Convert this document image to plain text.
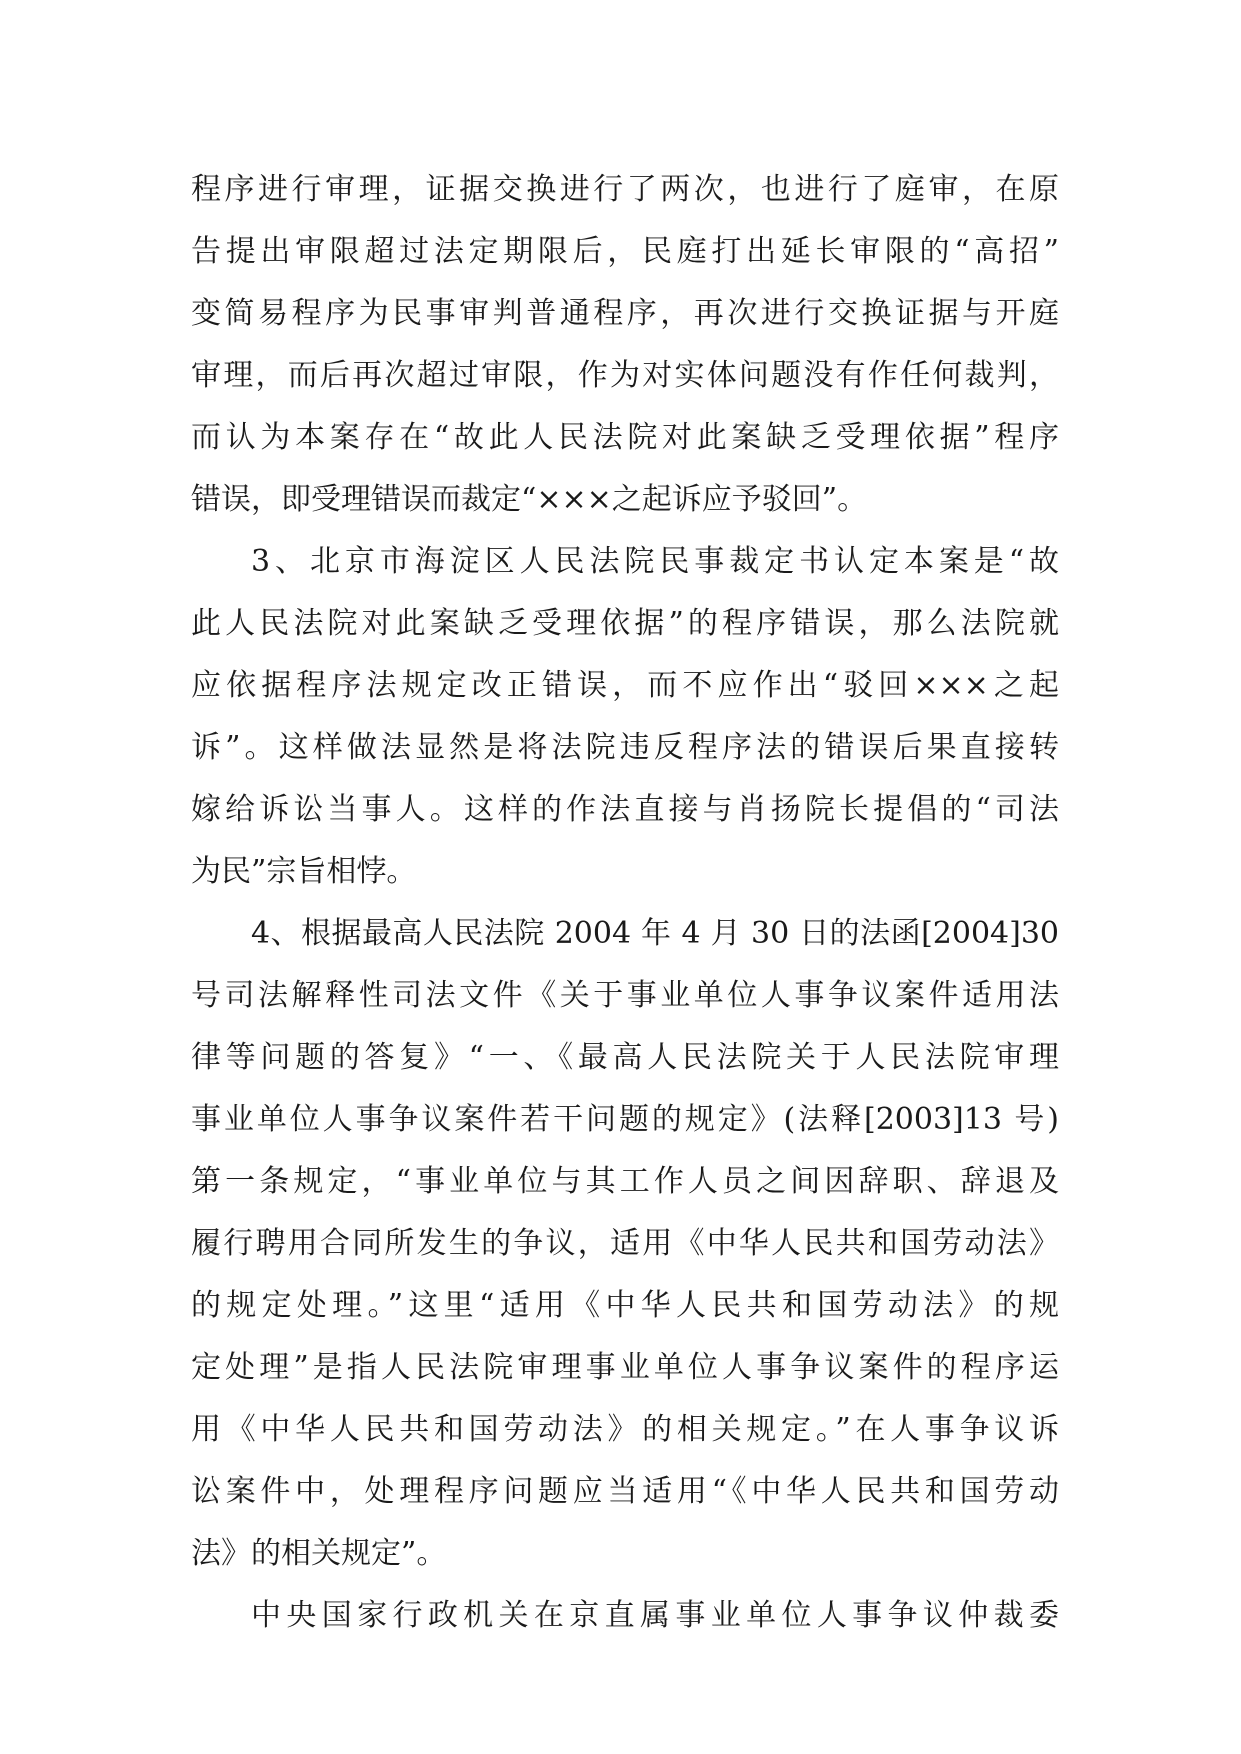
程序进行审理，证据交换进行了两次，也进行了庭审，在原
告提出审限超过法定期限后，民庭打出延长审限的“高招”
变简易程序为民事审判普通程序，再次进行交换证据与开庭
审理，而后再次超过审限，作为对实体问题没有作任何裁判，
而认为本案存在“故此人民法院对此案缺乏受理依据”程序
错误，即受理错误而裁定“×××之起诉应予驳回”。
3、北京市海淀区人民法院民事裁定书认定本案是“故
此人民法院对此案缺乏受理依据”的程序错误，那么法院就
应依据程序法规定改正错误，而不应作出“驳回×××之起
诉”。这样做法显然是将法院违反程序法的错误后果直接转
嫁给诉讼当事人。这样的作法直接与肖扬院长提倡的“司法
为民”宗旨相悖。
4、根据最高人民法院 2004 年 4 月 30 日的法函[2004]30
号司法解释性司法文件《关于事业单位人事争议案件适用法
律等问题的答复》“一、《最高人民法院关于人民法院审理
事业单位人事争议案件若干问题的规定》(法释[2003]13 号)
第一条规定，“事业单位与其工作人员之间因辞职、辞退及
履行聘用合同所发生的争议，适用《中华人民共和国劳动法》
的规定处理。”这里“适用《中华人民共和国劳动法》的规
定处理”是指人民法院审理事业单位人事争议案件的程序运
用《中华人民共和国劳动法》的相关规定。”在人事争议诉
讼案件中，处理程序问题应当适用“《中华人民共和国劳动
法》的相关规定”。
中央国家行政机关在京直属事业单位人事争议仲裁委
